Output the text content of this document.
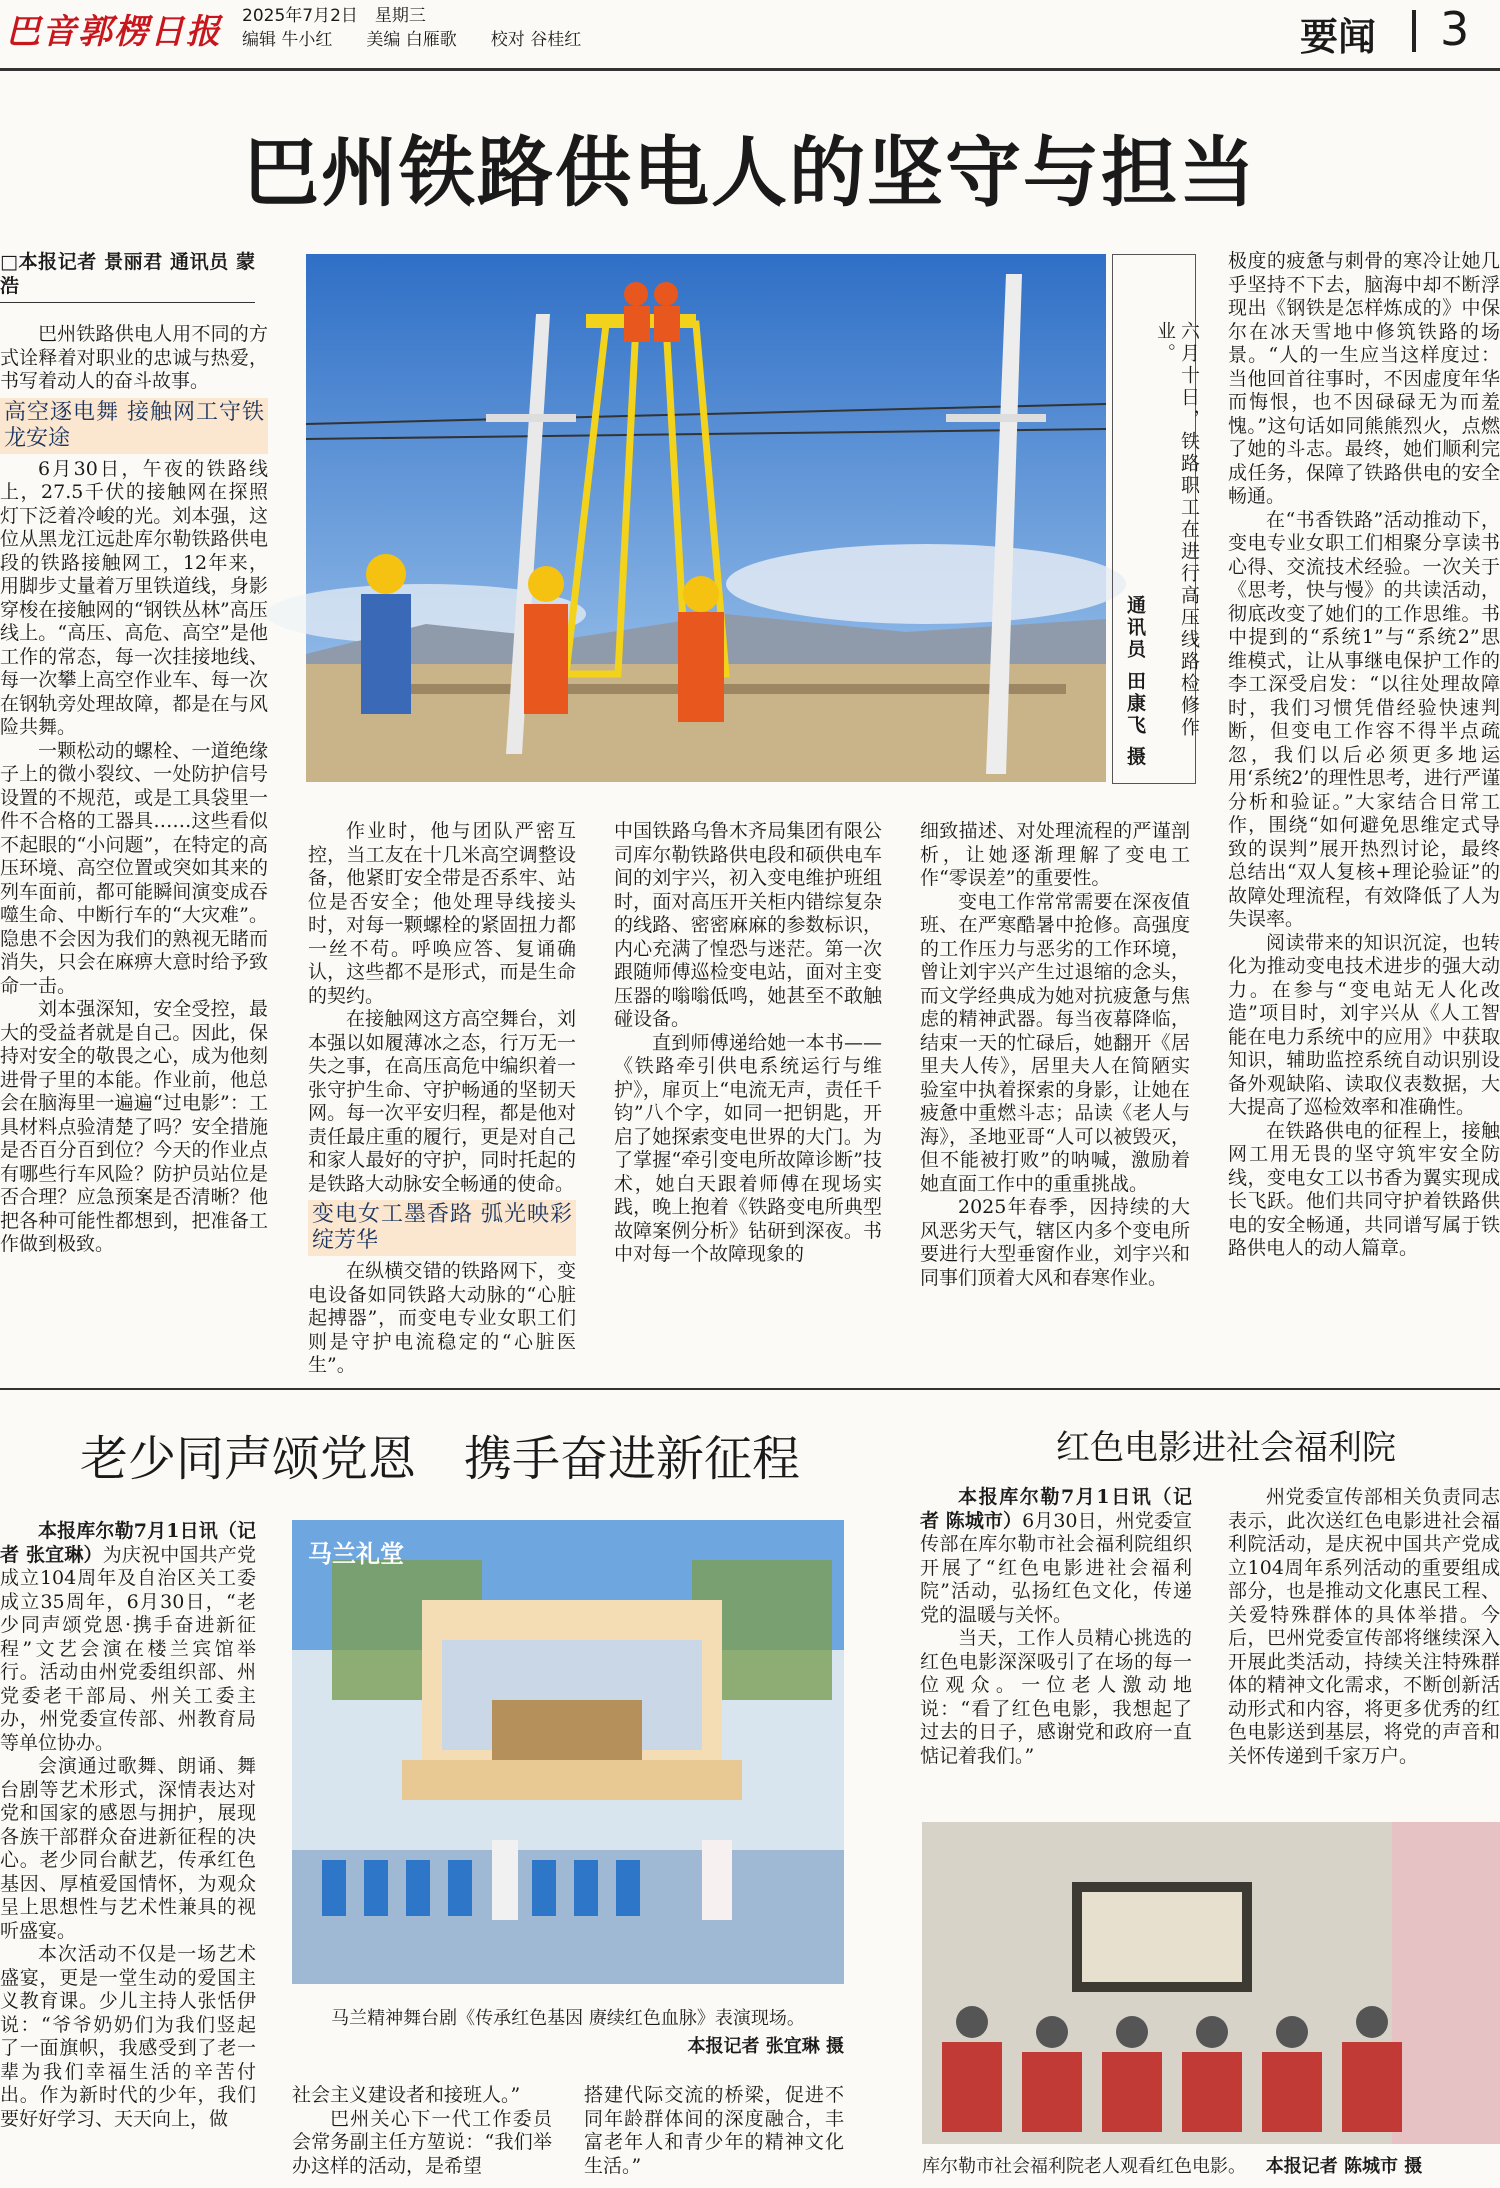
巴音郭楞日报 2025年7月2日　星期三
编辑 牛小红　　美编 白雁歌　　校对 谷桂红	要闻 3
巴州铁路供电人的坚守与担当
□本报记者 景丽君 通讯员 蒙浩

巴州铁路供电人用不同的方式诠释着对职业的忠诚与热爱，书写着动人的奋斗故事。

高空逐电舞 接触网工守铁龙安途

6月30日，午夜的铁路线上，27.5千伏的接触网在探照灯下泛着冷峻的光。刘本强，这位从黑龙江远赴库尔勒铁路供电段的铁路接触网工，12年来，用脚步丈量着万里铁道线，身影穿梭在接触网的“钢铁丛林”高压线上。“高压、高危、高空”是他工作的常态，每一次挂接地线、每一次攀上高空作业车、每一次在钢轨旁处理故障，都是在与风险共舞。

一颗松动的螺栓、一道绝缘子上的微小裂纹、一处防护信号设置的不规范，或是工具袋里一件不合格的工器具……这些看似不起眼的“小问题”，在特定的高压环境、高空位置或突如其来的列车面前，都可能瞬间演变成吞噬生命、中断行车的“大灾难”。隐患不会因为我们的熟视无睹而消失，只会在麻痹大意时给予致命一击。

刘本强深知，安全受控，最大的受益者就是自己。因此，保持对安全的敬畏之心，成为他刻进骨子里的本能。作业前，他总会在脑海里一遍遍“过电影”：工具材料点验清楚了吗？安全措施是否百分百到位？今天的作业点有哪些行车风险？防护员站位是否合理？应急预案是否清晰？他把各种可能性都想到，把准备工作做到极致。

六月十日，铁路职工在进行高压线路检修作业。
通讯员 田康飞 摄

作业时，他与团队严密互控，当工友在十几米高空调整设备，他紧盯安全带是否系牢、站位是否安全；他处理导线接头时，对每一颗螺栓的紧固扭力都一丝不苟。呼唤应答、复诵确认，这些都不是形式，而是生命的契约。

在接触网这方高空舞台，刘本强以如履薄冰之态，行万无一失之事，在高压高危中编织着一张守护生命、守护畅通的坚韧天网。每一次平安归程，都是他对责任最庄重的履行，更是对自己和家人最好的守护，同时托起的是铁路大动脉安全畅通的使命。

变电女工墨香路 弧光映彩绽芳华

在纵横交错的铁路网下，变电设备如同铁路大动脉的“心脏起搏器”，而变电专业女职工们则是守护电流稳定的“心脏医生”。

中国铁路乌鲁木齐局集团有限公司库尔勒铁路供电段和硕供电车间的刘宇兴，初入变电维护班组时，面对高压开关柜内错综复杂的线路、密密麻麻的参数标识，内心充满了惶恐与迷茫。第一次跟随师傅巡检变电站，面对主变压器的嗡嗡低鸣，她甚至不敢触碰设备。

直到师傅递给她一本书——《铁路牵引供电系统运行与维护》，扉页上“电流无声，责任千钧”八个字，如同一把钥匙，开启了她探索变电世界的大门。为了掌握“牵引变电所故障诊断”技术，她白天跟着师傅在现场实践，晚上抱着《铁路变电所典型故障案例分析》钻研到深夜。书中对每一个故障现象的

细致描述、对处理流程的严谨剖析，让她逐渐理解了变电工作“零误差”的重要性。

变电工作常常需要在深夜值班、在严寒酷暑中抢修。高强度的工作压力与恶劣的工作环境，曾让刘宇兴产生过退缩的念头，而文学经典成为她对抗疲惫与焦虑的精神武器。每当夜幕降临，结束一天的忙碌后，她翻开《居里夫人传》，居里夫人在简陋实验室中执着探索的身影，让她在疲惫中重燃斗志；品读《老人与海》，圣地亚哥“人可以被毁灭，但不能被打败”的呐喊，激励着她直面工作中的重重挑战。

2025年春季，因持续的大风恶劣天气，辖区内多个变电所要进行大型垂窗作业，刘宇兴和同事们顶着大风和春寒作业。

极度的疲惫与刺骨的寒冷让她几乎坚持不下去，脑海中却不断浮现出《钢铁是怎样炼成的》中保尔在冰天雪地中修筑铁路的场景。“人的一生应当这样度过：当他回首往事时，不因虚度年华而悔恨，也不因碌碌无为而羞愧。”这句话如同熊熊烈火，点燃了她的斗志。最终，她们顺利完成任务，保障了铁路供电的安全畅通。

在“书香铁路”活动推动下，变电专业女职工们相聚分享读书心得、交流技术经验。一次关于《思考，快与慢》的共读活动，彻底改变了她们的工作思维。书中提到的“系统1”与“系统2”思维模式，让从事继电保护工作的李工深受启发：“以往处理故障时，我们习惯凭借经验快速判断，但变电工作容不得半点疏忽，我们以后必须更多地运用‘系统2’的理性思考，进行严谨分析和验证。”大家结合日常工作，围绕“如何避免思维定式导致的误判”展开热烈讨论，最终总结出“双人复核+理论验证”的故障处理流程，有效降低了人为失误率。

阅读带来的知识沉淀，也转化为推动变电技术进步的强大动力。在参与“变电站无人化改造”项目时，刘宇兴从《人工智能在电力系统中的应用》中获取知识，辅助监控系统自动识别设备外观缺陷、读取仪表数据，大大提高了巡检效率和准确性。

在铁路供电的征程上，接触网工用无畏的坚守筑牢安全防线，变电女工以书香为翼实现成长飞跃。他们共同守护着铁路供电的安全畅通，共同谱写属于铁路供电人的动人篇章。

老少同声颂党恩　携手奋进新征程

本报库尔勒7月1日讯（记者 张宜琳）为庆祝中国共产党成立104周年及自治区关工委成立35周年，6月30日，“老少同声颂党恩·携手奋进新征程”文艺会演在楼兰宾馆举行。活动由州党委组织部、州党委老干部局、州关工委主办，州党委宣传部、州教育局等单位协办。

会演通过歌舞、朗诵、舞台剧等艺术形式，深情表达对党和国家的感恩与拥护，展现各族干部群众奋进新征程的决心。老少同台献艺，传承红色基因、厚植爱国情怀，为观众呈上思想性与艺术性兼具的视听盛宴。

本次活动不仅是一场艺术盛宴，更是一堂生动的爱国主义教育课。少儿主持人张恬伊说：“爷爷奶奶们为我们竖起了一面旗帜，我感受到了老一辈为我们幸福生活的辛苦付出。作为新时代的少年，我们要好好学习、天天向上，做

马兰礼堂
马兰精神舞台剧《传承红色基因 赓续红色血脉》表演现场。
本报记者 张宜琳 摄

社会主义建设者和接班人。”

巴州关心下一代工作委员会常务副主任方堃说：“我们举办这样的活动，是希望

搭建代际交流的桥梁，促进不同年龄群体间的深度融合，丰富老年人和青少年的精神文化生活。”

红色电影进社会福利院

本报库尔勒7月1日讯（记者 陈城市）6月30日，州党委宣传部在库尔勒市社会福利院组织开展了“红色电影进社会福利院”活动，弘扬红色文化，传递党的温暖与关怀。

当天，工作人员精心挑选的红色电影深深吸引了在场的每一位观众。一位老人激动地说：“看了红色电影，我想起了过去的日子，感谢党和政府一直惦记着我们。”

州党委宣传部相关负责同志表示，此次送红色电影进社会福利院活动，是庆祝中国共产党成立104周年系列活动的重要组成部分，也是推动文化惠民工程、关爱特殊群体的具体举措。今后，巴州党委宣传部将继续深入开展此类活动，持续关注特殊群体的精神文化需求，不断创新活动形式和内容，将更多优秀的红色电影送到基层，将党的声音和关怀传递到千家万户。

库尔勒市社会福利院老人观看红色电影。 本报记者 陈城市 摄
